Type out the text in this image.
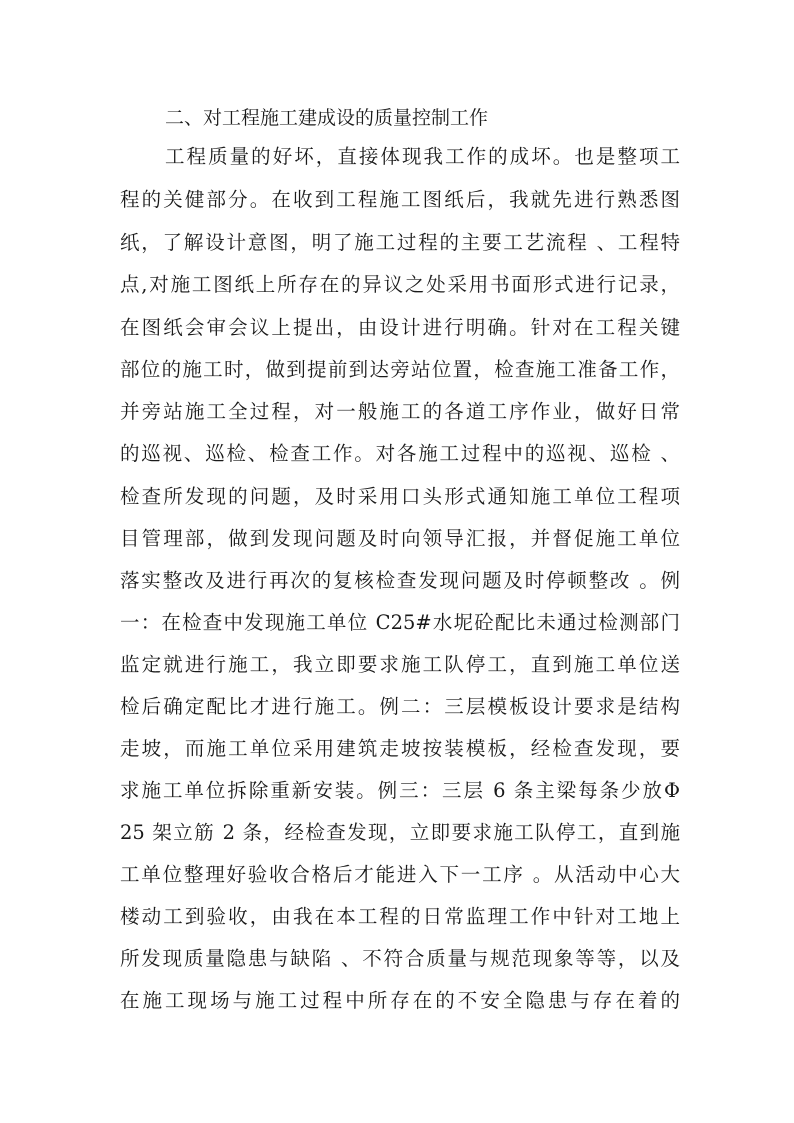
二、对工程施工建成设的质量控制工作
工程质量的好坏，直接体现我工作的成坏。也是整项工
程的关健部分。在收到工程施工图纸后，我就先进行熟悉图
纸，了解设计意图，明了施工过程的主要工艺流程 、工程特
点,对施工图纸上所存在的异议之处采用书面形式进行记录，
在图纸会审会议上提出，由设计进行明确。针对在工程关键
部位的施工时，做到提前到达旁站位置，检查施工准备工作，
并旁站施工全过程，对一般施工的各道工序作业，做好日常
的巡视、巡检、检查工作。对各施工过程中的巡视、巡检 、
检查所发现的问题，及时采用口头形式通知施工单位工程项
目管理部，做到发现问题及时向领导汇报，并督促施工单位
落实整改及进行再次的复核检查发现问题及时停顿整改 。例
一：在检查中发现施工单位 C25#水坭砼配比未通过检测部门
监定就进行施工，我立即要求施工队停工，直到施工单位送
检后确定配比才进行施工。例二：三层模板设计要求是结构
走坡，而施工单位采用建筑走坡按装模板，经检查发现，要
求施工单位拆除重新安装。例三：三层 6 条主梁每条少放Φ
25 架立筋 2 条，经检查发现，立即要求施工队停工，直到施
工单位整理好验收合格后才能进入下一工序 。从活动中心大
楼动工到验收，由我在本工程的日常监理工作中针对工地上
所发现质量隐患与缺陷 、不符合质量与规范现象等等，以及
在施工现场与施工过程中所存在的不安全隐患与存在着的
